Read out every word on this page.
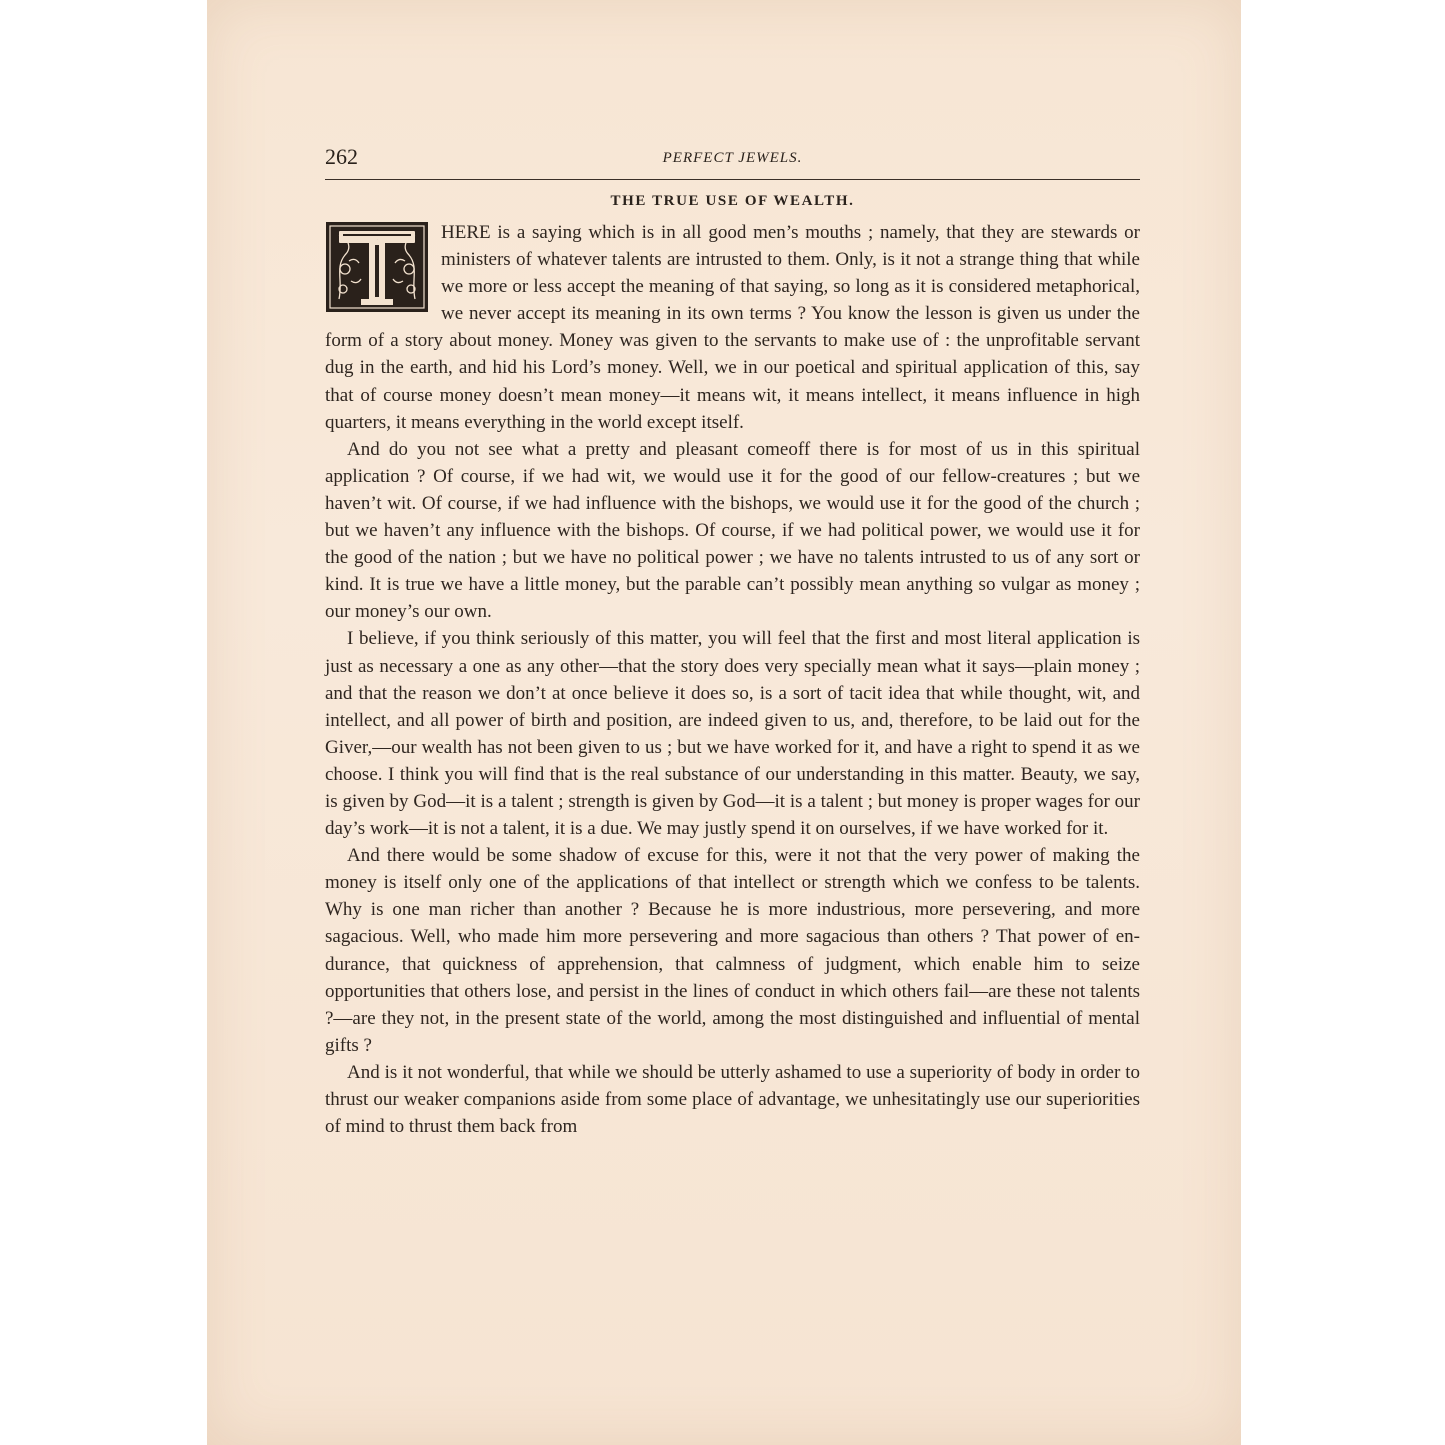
262	PERFECT JEWELS.
THE TRUE USE OF WEALTH.

T	HERE is a saying which is in all good men’s mouths ; namely, that they are stewards or ministers of whatever talents are intrusted to them. Only, is it not a strange thing that while we more or less accept the meaning of that saying, so long as it is considered metaphorical, we never accept its meaning in its own terms ? You know the lesson is given us under the form of a story about money. Money was given to the servants to make use of : the unprofitable servant dug in the earth, and hid his Lord’s money. Well, we in our poetical and spiritual application of this, say that of course money doesn’t mean money—it means wit, it means intellect, it means influence in high quarters, it means everything in the world except itself.

And do you not see what a pretty and pleasant comeoff there is for most of us in this spiritual application ? Of course, if we had wit, we would use it for the good of our fellow-creatures ; but we haven’t wit. Of course, if we had influence with the bishops, we would use it for the good of the church ; but we haven’t any influence with the bishops. Of course, if we had political power, we would use it for the good of the nation ; but we have no political power ; we have no talents intrusted to us of any sort or kind. It is true we have a little money, but the parable can’t possibly mean anything so vulgar as money ; our money’s our own.

I believe, if you think seriously of this matter, you will feel that the first and most literal application is just as necessary a one as any other—that the story does very specially mean what it says—plain money ; and that the reason we don’t at once believe it does so, is a sort of tacit idea that while thought, wit, and intellect, and all power of birth and position, are indeed given to us, and, therefore, to be laid out for the Giver,—our wealth has not been given to us ; but we have worked for it, and have a right to spend it as we choose. I think you will find that is the real substance of our understanding in this matter. Beauty, we say, is given by God—it is a talent ; strength is given by God—it is a talent ; but money is proper wages for our day’s work—it is not a talent, it is a due. We may justly spend it on ourselves, if we have worked for it.

And there would be some shadow of excuse for this, were it not that the very power of making the money is itself only one of the applications of that intellect or strength which we confess to be talents. Why is one man richer than another ? Because he is more industrious, more persevering, and more sagacious. Well, who made him more persevering and more sagacious than others ? That power of endurance, that quickness of apprehension, that calmness of judgment, which enable him to seize opportunities that others lose, and persist in the lines of conduct in which others fail—are these not talents ?—are they not, in the present state of the world, among the most distinguished and influential of mental gifts ?

And is it not wonderful, that while we should be utterly ashamed to use a superiority of body in order to thrust our weaker companions aside from some place of advantage, we unhesitatingly use our superiorities of mind to thrust them back from
